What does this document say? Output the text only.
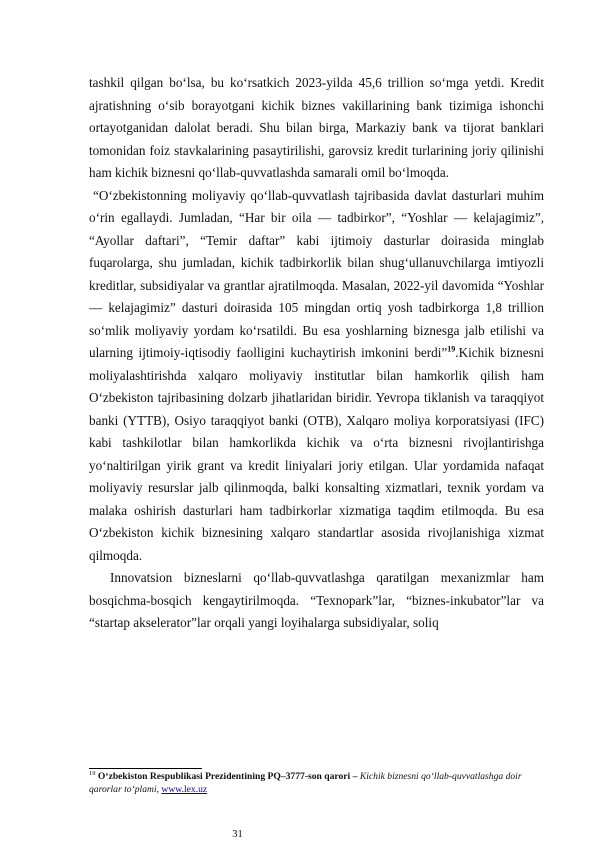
tashkil qilgan bo‘lsa, bu ko‘rsatkich 2023-yilda 45,6 trillion so‘mga yetdi. Kredit ajratishning o‘sib borayotgani kichik biznes vakillarining bank tizimiga ishonchi ortayotganidan dalolat beradi. Shu bilan birga, Markaziy bank va tijorat banklari tomonidan foiz stavkalarining pasaytirilishi, garovsiz kredit turlarining joriy qilinishi ham kichik biznesni qo‘llab-quvvatlashda samarali omil bo‘lmoqda.

“O‘zbekistonning moliyaviy qo‘llab-quvvatlash tajribasida davlat dasturlari muhim o‘rin egallaydi. Jumladan, “Har bir oila — tadbirkor”, “Yoshlar — kelajagimiz”, “Ayollar daftari”, “Temir daftar” kabi ijtimoiy dasturlar doirasida minglab fuqarolarga, shu jumladan, kichik tadbirkorlik bilan shug‘ullanuvchilarga imtiyozli kreditlar, subsidiyalar va grantlar ajratilmoqda. Masalan, 2022-yil davomida “Yoshlar — kelajagimiz” dasturi doirasida 105 mingdan ortiq yosh tadbirkorga 1,8 trillion so‘mlik moliyaviy yordam ko‘rsatildi. Bu esa yoshlarning biznesga jalb etilishi va ularning ijtimoiy-iqtisodiy faolligini kuchaytirish imkonini berdi”$^{19}$.Kichik biznesni moliyalashtirishda xalqaro moliyaviy institutlar bilan hamkorlik qilish ham O‘zbekiston tajribasining dolzarb jihatlaridan biridir. Yevropa tiklanish va taraqqiyot banki (YTTB), Osiyo taraqqiyot banki (OTB), Xalqaro moliya korporatsiyasi (IFC) kabi tashkilotlar bilan hamkorlikda kichik va o‘rta biznesni rivojlantirishga yo‘naltirilgan yirik grant va kredit liniyalari joriy etilgan. Ular yordamida nafaqat moliyaviy resurslar jalb qilinmoqda, balki konsalting xizmatlari, texnik yordam va malaka oshirish dasturlari ham tadbirkorlar xizmatiga taqdim etilmoqda. Bu esa O‘zbekiston kichik biznesining xalqaro standartlar asosida rivojlanishiga xizmat qilmoqda.

Innovatsion bizneslarni qo‘llab-quvvatlashga qaratilgan mexanizmlar ham bosqichma-bosqich kengaytirilmoqda. “Texnopark”lar, “biznes-inkubator”lar va “startap akselerator”lar orqali yangi loyihalarga subsidiyalar, soliq

$^{19}$ O‘zbekiston Respublikasi Prezidentining PQ–3777-son qarori – Kichik biznesni qo‘llab-quvvatlashga doir qarorlar to‘plami, www.lex.uz
31
